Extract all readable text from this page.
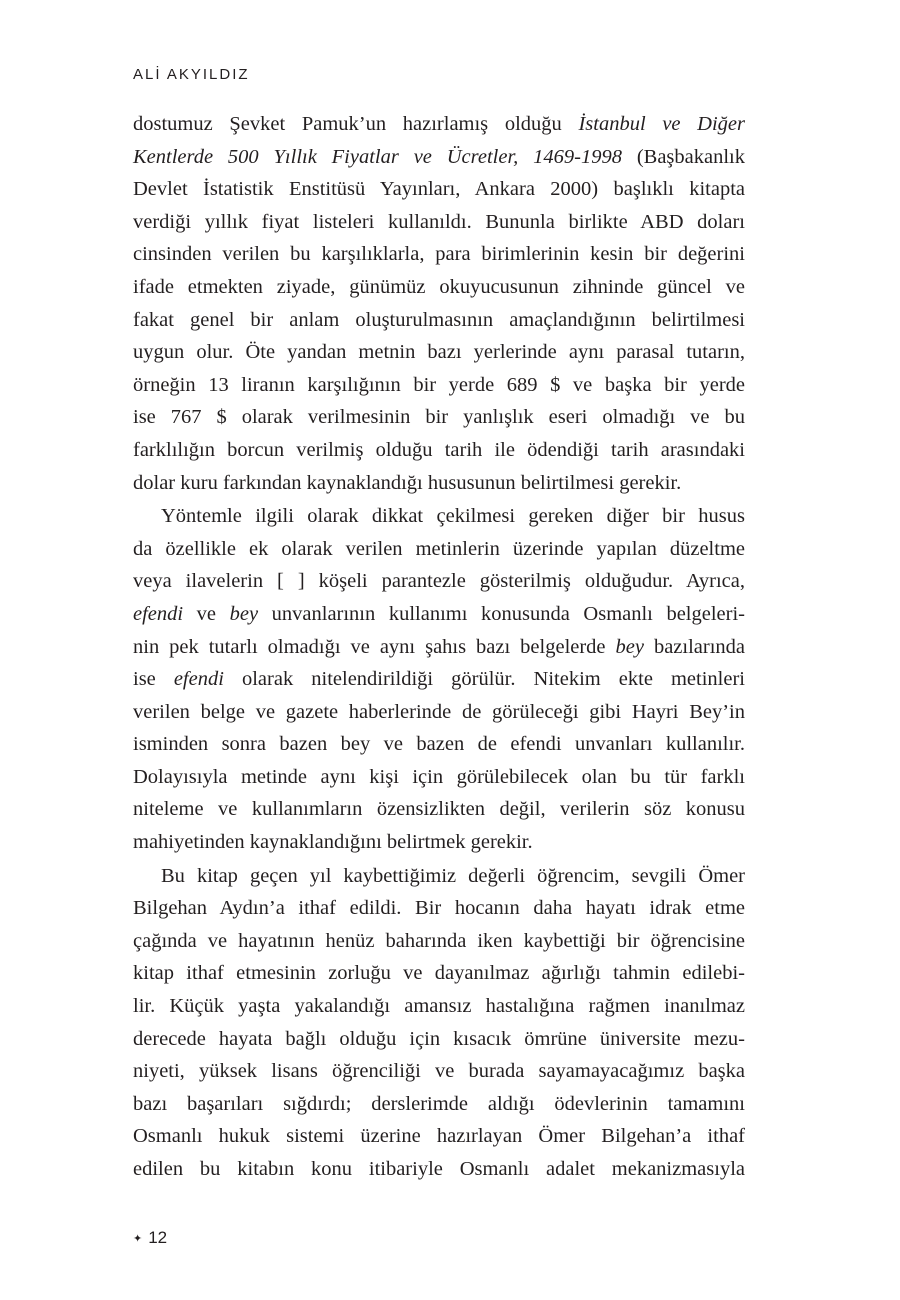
ALİ AKYILDIZ

dostumuz Şevket Pamuk’un hazırlamış olduğu İstanbul ve Diğer
Kentlerde 500 Yıllık Fiyatlar ve Ücretler, 1469-1998 (Başbakanlık
Devlet İstatistik Enstitüsü Yayınları, Ankara 2000) başlıklı kitapta
verdiği yıllık fiyat listeleri kullanıldı. Bununla birlikte ABD doları
cinsinden verilen bu karşılıklarla, para birimlerinin kesin bir değerini
ifade etmekten ziyade, günümüz okuyucusunun zihninde güncel ve
fakat genel bir anlam oluşturulmasının amaçlandığının belirtilmesi
uygun olur. Öte yandan metnin bazı yerlerinde aynı parasal tutarın,
örneğin 13 liranın karşılığının bir yerde 689 $ ve başka bir yerde
ise 767 $ olarak verilmesinin bir yanlışlık eseri olmadığı ve bu
farklılığın borcun verilmiş olduğu tarih ile ödendiği tarih arasındaki
dolar kuru farkından kaynaklandığı hususunun belirtilmesi gerekir.

Yöntemle ilgili olarak dikkat çekilmesi gereken diğer bir husus
da özellikle ek olarak verilen metinlerin üzerinde yapılan düzeltme
veya ilavelerin [ ] köşeli parantezle gösterilmiş olduğudur. Ayrıca,
efendi ve bey unvanlarının kullanımı konusunda Osmanlı belgeleri-
nin pek tutarlı olmadığı ve aynı şahıs bazı belgelerde bey bazılarında
ise efendi olarak nitelendirildiği görülür. Nitekim ekte metinleri
verilen belge ve gazete haberlerinde de görüleceği gibi Hayri Bey’in
isminden sonra bazen bey ve bazen de efendi unvanları kullanılır.
Dolayısıyla metinde aynı kişi için görülebilecek olan bu tür farklı
niteleme ve kullanımların özensizlikten değil, verilerin söz konusu
mahiyetinden kaynaklandığını belirtmek gerekir.

Bu kitap geçen yıl kaybettiğimiz değerli öğrencim, sevgili Ömer
Bilgehan Aydın’a ithaf edildi. Bir hocanın daha hayatı idrak etme
çağında ve hayatının henüz baharında iken kaybettiği bir öğrencisine
kitap ithaf etmesinin zorluğu ve dayanılmaz ağırlığı tahmin edilebi-
lir. Küçük yaşta yakalandığı amansız hastalığına rağmen inanılmaz
derecede hayata bağlı olduğu için kısacık ömrüne üniversite mezu-
niyeti, yüksek lisans öğrenciliği ve burada sayamayacağımız başka
bazı başarıları sığdırdı; derslerimde aldığı ödevlerinin tamamını
Osmanlı hukuk sistemi üzerine hazırlayan Ömer Bilgehan’a ithaf
edilen bu kitabın konu itibariyle Osmanlı adalet mekanizmasıyla

✦ 12
